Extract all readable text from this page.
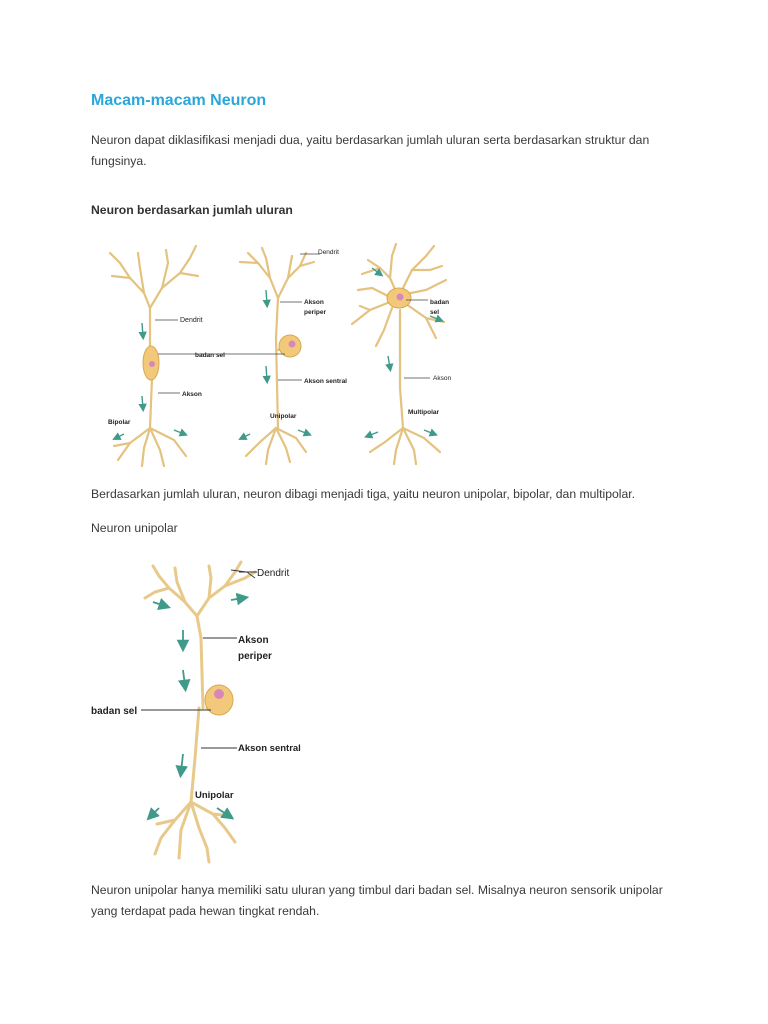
Macam-macam Neuron

Neuron dapat diklasifikasi menjadi dua, yaitu berdasarkan jumlah uluran serta berdasarkan struktur dan fungsinya.

Neuron berdasarkan jumlah uluran
Dendrit
badan sel
Akson
Bipolar
Dendrit
Akson
periper
Akson sentral
Unipolar
badan
sel
Akson
Multipolar

Berdasarkan jumlah uluran, neuron dibagi menjadi tiga, yaitu neuron unipolar, bipolar, dan multipolar.

Neuron unipolar

Dendrit
Akson
periper
badan sel
Akson sentral
Unipolar

Neuron unipolar hanya memiliki satu uluran yang timbul dari badan sel. Misalnya neuron sensorik unipolar yang terdapat pada hewan tingkat rendah.
